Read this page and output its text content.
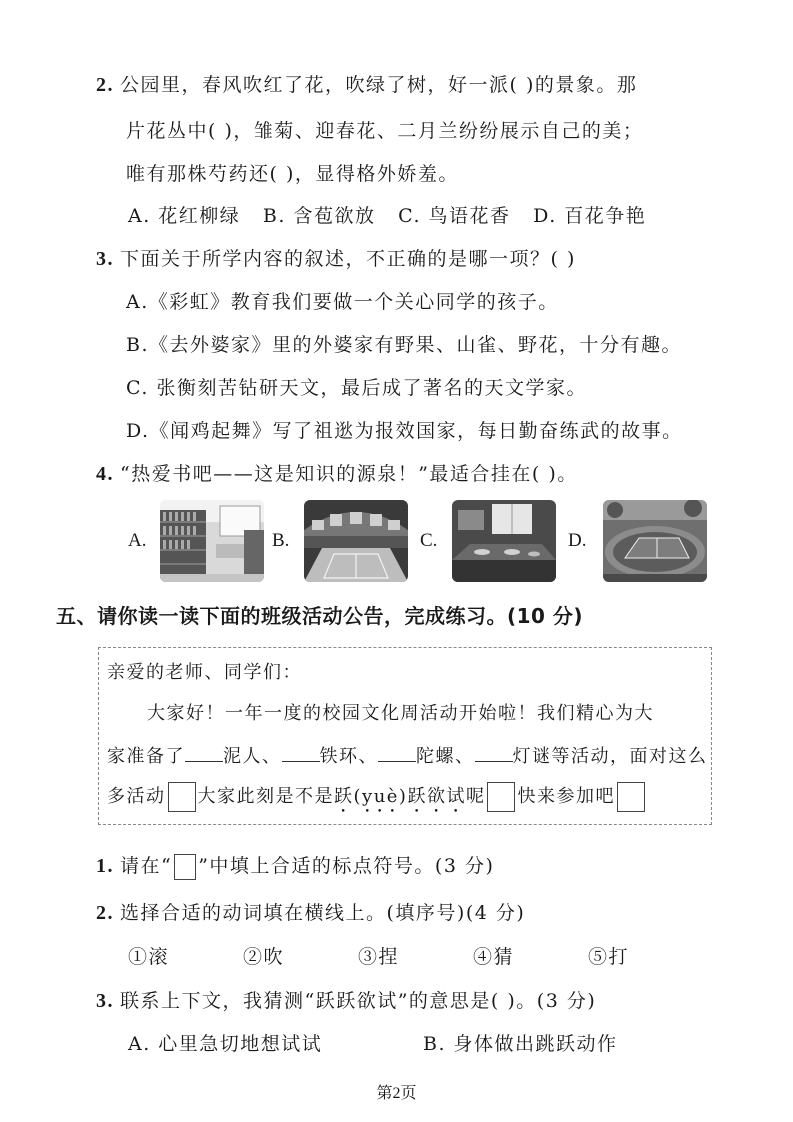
2. 公园里，春风吹红了花，吹绿了树，好一派( )的景象。那
片花丛中( )，雏菊、迎春花、二月兰纷纷展示自己的美；
唯有那株芍药还( )，显得格外娇羞。
A. 花红柳绿   B. 含苞欲放   C. 鸟语花香   D. 百花争艳
3. 下面关于所学内容的叙述，不正确的是哪一项？( )
A.《彩虹》教育我们要做一个关心同学的孩子。
B.《去外婆家》里的外婆家有野果、山雀、野花，十分有趣。
C. 张衡刻苦钻研天文，最后成了著名的天文学家。
D.《闻鸡起舞》写了祖逖为报效国家，每日勤奋练武的故事。
4. “热爱书吧——这是知识的源泉！”最适合挂在( )。
A.	B.	C.	D.
五、请你读一读下面的班级活动公告，完成练习。(10 分)
亲爱的老师、同学们：
大家好！一年一度的校园文化周活动开始啦！我们精心为大
家准备了 泥人、 铁环、 陀螺、 灯谜等活动，面对这么
多活动 大家此刻是不是跃(yuè)跃欲试呢 快来参加吧
1. 请在“ ”中填上合适的标点符号。(3 分)
2. 选择合适的动词填在横线上。(填序号)(4 分)
①滚	②吹	③捏	④猜	⑤打
3. 联系上下文，我猜测“跃跃欲试”的意思是( )。(3 分)
A. 心里急切地想试试	B. 身体做出跳跃动作
第2页
